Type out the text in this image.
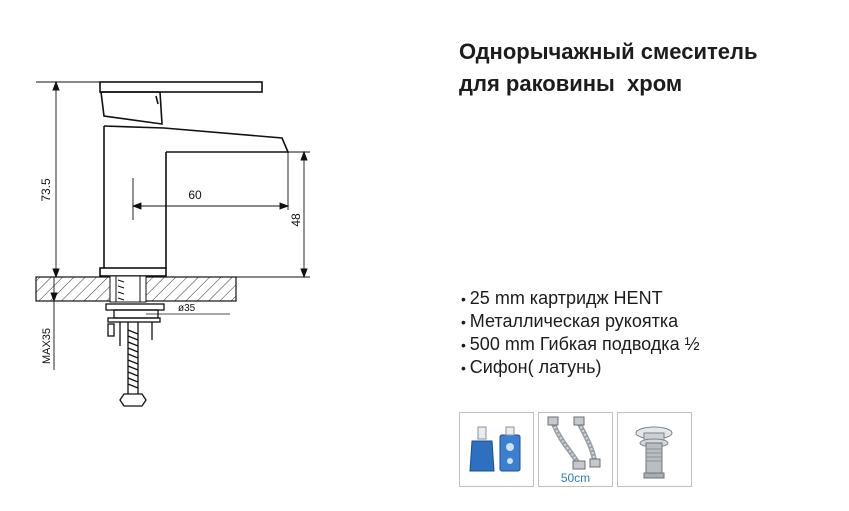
73.5	60
48
ø35
MAX35
Однорычажный смеситель
для раковины  хром
• 25 mm картридж HENT
• Металлическая рукоятка
• 500 mm Гибкая подводка ½
• Сифон( латунь)
50cm
